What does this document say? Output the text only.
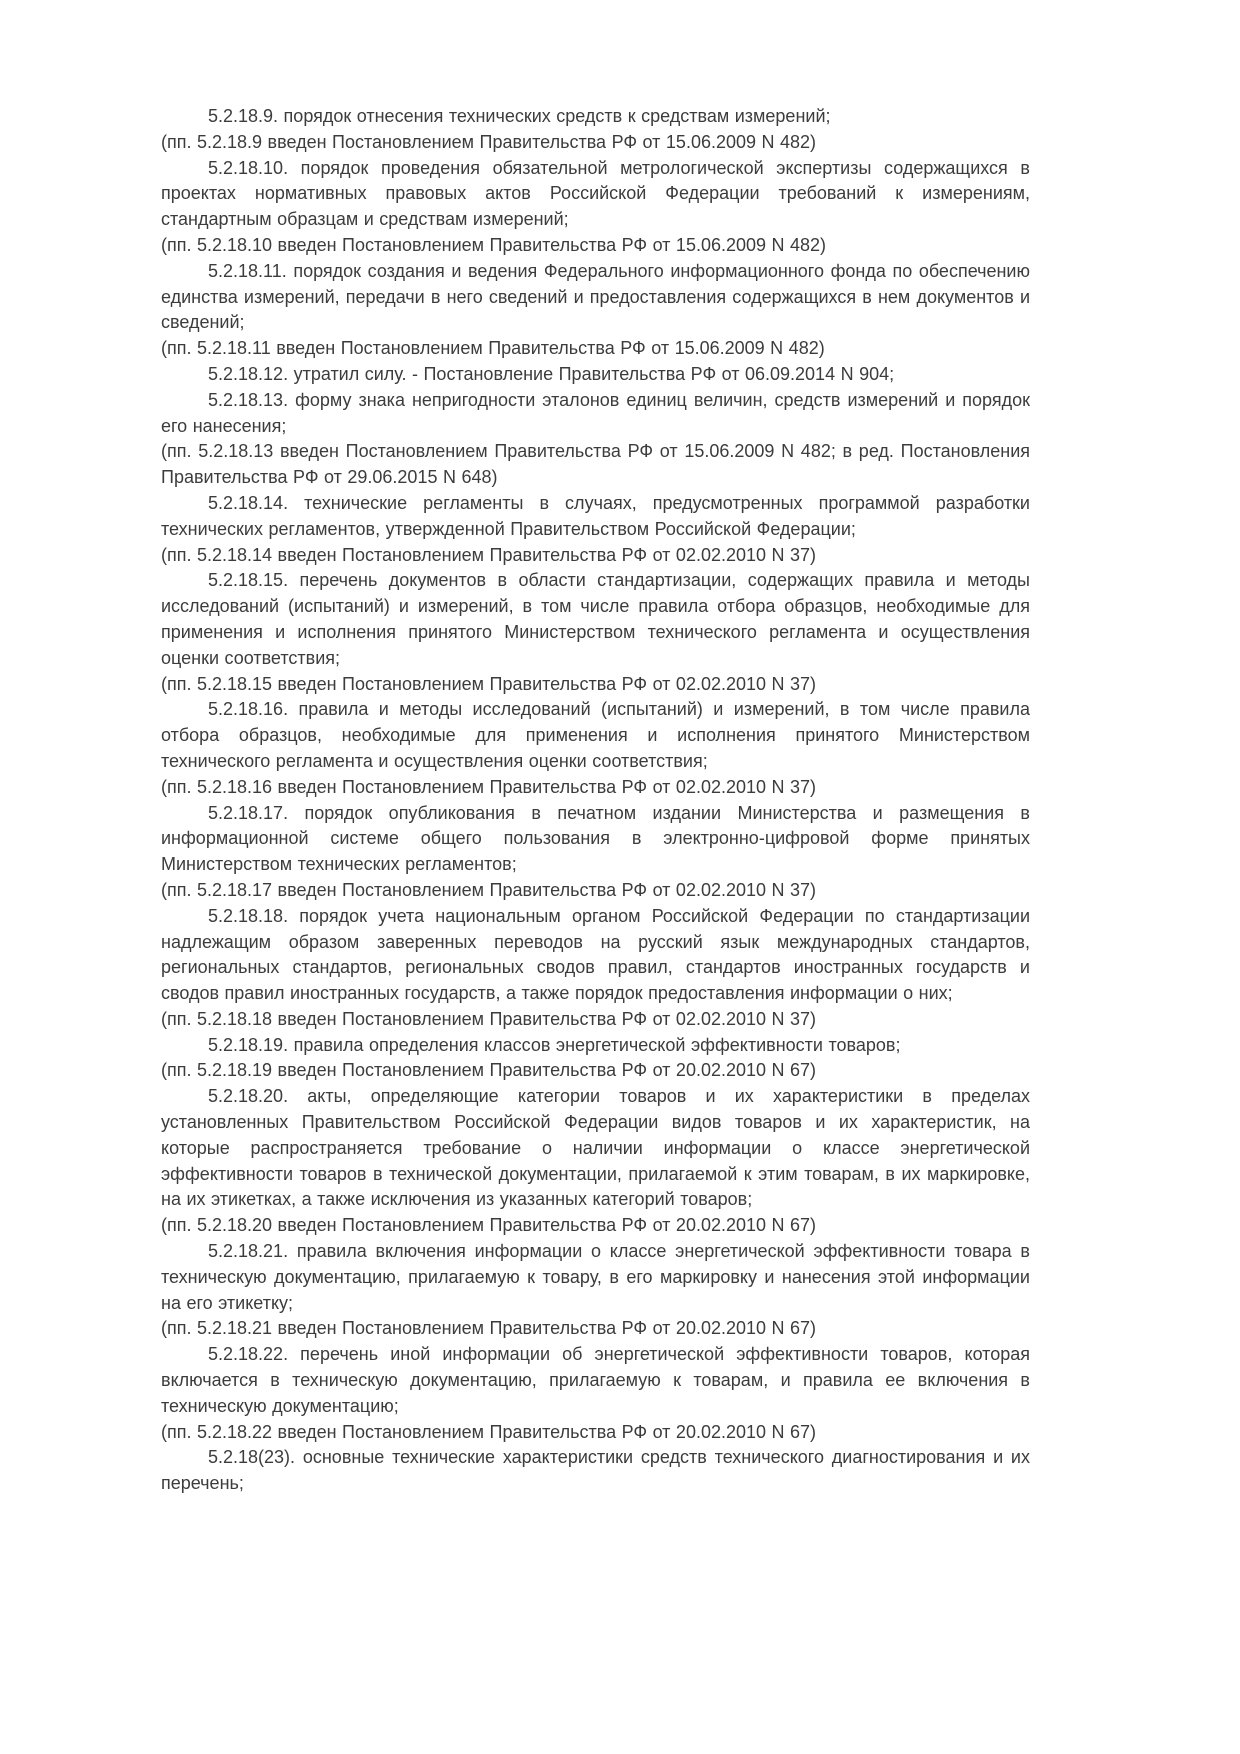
5.2.18.9. порядок отнесения технических средств к средствам измерений;

(пп. 5.2.18.9 введен Постановлением Правительства РФ от 15.06.2009 N 482)

5.2.18.10. порядок проведения обязательной метрологической экспертизы содержащихся в проектах нормативных правовых актов Российской Федерации требований к измерениям, стандартным образцам и средствам измерений;

(пп. 5.2.18.10 введен Постановлением Правительства РФ от 15.06.2009 N 482)

5.2.18.11. порядок создания и ведения Федерального информационного фонда по обеспечению единства измерений, передачи в него сведений и предоставления содержащихся в нем документов и сведений;

(пп. 5.2.18.11 введен Постановлением Правительства РФ от 15.06.2009 N 482)

5.2.18.12. утратил силу. - Постановление Правительства РФ от 06.09.2014 N 904;

5.2.18.13. форму знака непригодности эталонов единиц величин, средств измерений и порядок его нанесения;

(пп. 5.2.18.13 введен Постановлением Правительства РФ от 15.06.2009 N 482; в ред. Постановления Правительства РФ от 29.06.2015 N 648)

5.2.18.14. технические регламенты в случаях, предусмотренных программой разработки технических регламентов, утвержденной Правительством Российской Федерации;

(пп. 5.2.18.14 введен Постановлением Правительства РФ от 02.02.2010 N 37)

5.2.18.15. перечень документов в области стандартизации, содержащих правила и методы исследований (испытаний) и измерений, в том числе правила отбора образцов, необходимые для применения и исполнения принятого Министерством технического регламента и осуществления оценки соответствия;

(пп. 5.2.18.15 введен Постановлением Правительства РФ от 02.02.2010 N 37)

5.2.18.16. правила и методы исследований (испытаний) и измерений, в том числе правила отбора образцов, необходимые для применения и исполнения принятого Министерством технического регламента и осуществления оценки соответствия;

(пп. 5.2.18.16 введен Постановлением Правительства РФ от 02.02.2010 N 37)

5.2.18.17. порядок опубликования в печатном издании Министерства и размещения в информационной системе общего пользования в электронно-цифровой форме принятых Министерством технических регламентов;

(пп. 5.2.18.17 введен Постановлением Правительства РФ от 02.02.2010 N 37)

5.2.18.18. порядок учета национальным органом Российской Федерации по стандартизации надлежащим образом заверенных переводов на русский язык международных стандартов, региональных стандартов, региональных сводов правил, стандартов иностранных государств и сводов правил иностранных государств, а также порядок предоставления информации о них;

(пп. 5.2.18.18 введен Постановлением Правительства РФ от 02.02.2010 N 37)

5.2.18.19. правила определения классов энергетической эффективности товаров;

(пп. 5.2.18.19 введен Постановлением Правительства РФ от 20.02.2010 N 67)

5.2.18.20. акты, определяющие категории товаров и их характеристики в пределах установленных Правительством Российской Федерации видов товаров и их характеристик, на которые распространяется требование о наличии информации о классе энергетической эффективности товаров в технической документации, прилагаемой к этим товарам, в их маркировке, на их этикетках, а также исключения из указанных категорий товаров;

(пп. 5.2.18.20 введен Постановлением Правительства РФ от 20.02.2010 N 67)

5.2.18.21. правила включения информации о классе энергетической эффективности товара в техническую документацию, прилагаемую к товару, в его маркировку и нанесения этой информации на его этикетку;

(пп. 5.2.18.21 введен Постановлением Правительства РФ от 20.02.2010 N 67)

5.2.18.22. перечень иной информации об энергетической эффективности товаров, которая включается в техническую документацию, прилагаемую к товарам, и правила ее включения в техническую документацию;

(пп. 5.2.18.22 введен Постановлением Правительства РФ от 20.02.2010 N 67)

5.2.18(23). основные технические характеристики средств технического диагностирования и их перечень;
